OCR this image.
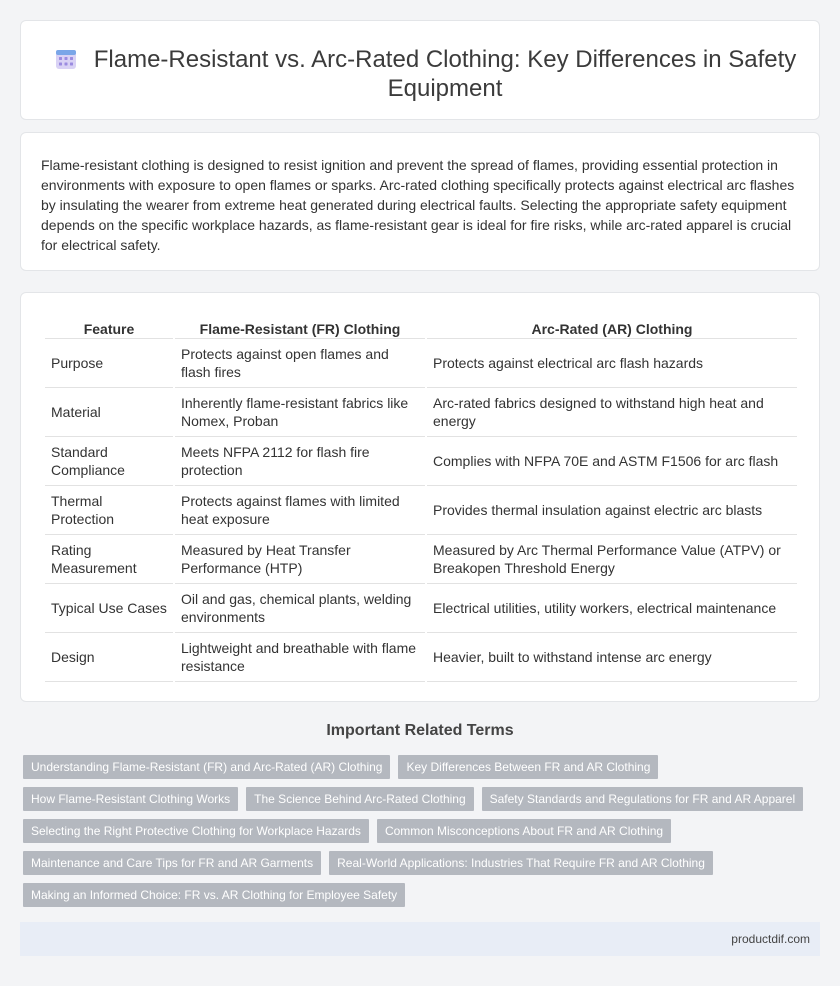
Flame-Resistant vs. Arc-Rated Clothing: Key Differences in Safety Equipment

Flame-resistant clothing is designed to resist ignition and prevent the spread of flames, providing essential protection in environments with exposure to open flames or sparks. Arc-rated clothing specifically protects against electrical arc flashes by insulating the wearer from extreme heat generated during electrical faults. Selecting the appropriate safety equipment depends on the specific workplace hazards, as flame-resistant gear is ideal for fire risks, while arc-rated apparel is crucial for electrical safety.

Feature	Flame-Resistant (FR) Clothing	Arc-Rated (AR) Clothing
Purpose	Protects against open flames and flash fires	Protects against electrical arc flash hazards
Material	Inherently flame-resistant fabrics like Nomex, Proban	Arc-rated fabrics designed to withstand high heat and energy
Standard Compliance	Meets NFPA 2112 for flash fire protection	Complies with NFPA 70E and ASTM F1506 for arc flash
Thermal Protection	Protects against flames with limited heat exposure	Provides thermal insulation against electric arc blasts
Rating Measurement	Measured by Heat Transfer Performance (HTP)	Measured by Arc Thermal Performance Value (ATPV) or Breakopen Threshold Energy
Typical Use Cases	Oil and gas, chemical plants, welding environments	Electrical utilities, utility workers, electrical maintenance
Design	Lightweight and breathable with flame resistance	Heavier, built to withstand intense arc energy
Important Related Terms
Understanding Flame-Resistant (FR) and Arc-Rated (AR) Clothing	Key Differences Between FR and AR Clothing
How Flame-Resistant Clothing Works	The Science Behind Arc-Rated Clothing	Safety Standards and Regulations for FR and AR Apparel
Selecting the Right Protective Clothing for Workplace Hazards	Common Misconceptions About FR and AR Clothing
Maintenance and Care Tips for FR and AR Garments	Real-World Applications: Industries That Require FR and AR Clothing
Making an Informed Choice: FR vs. AR Clothing for Employee Safety
productdif.com
